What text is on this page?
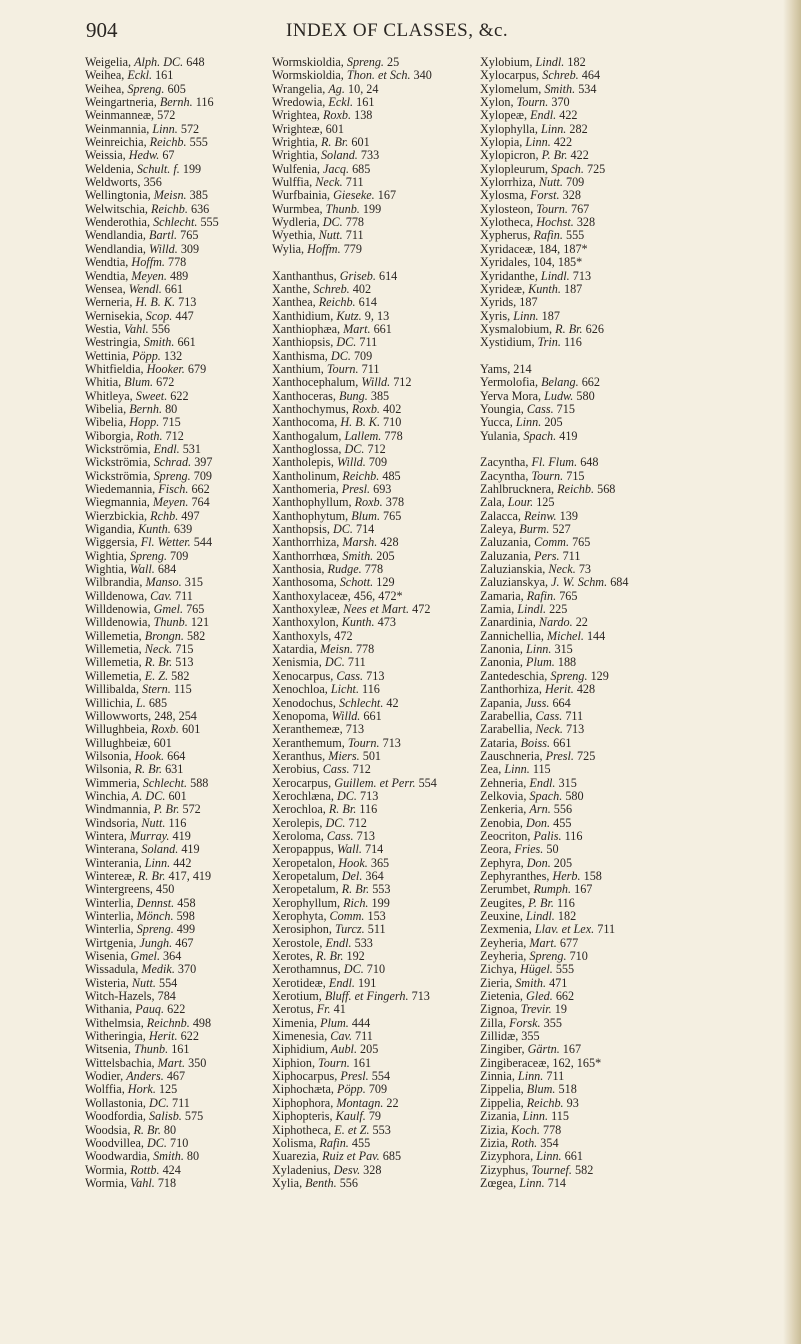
904	INDEX OF CLASSES, &c.
Weigelia, Alph. DC. 648
Weihea, Eckl. 161
Weihea, Spreng. 605
Weingartneria, Bernh. 116
Weinmanneæ, 572
Weinmannia, Linn. 572
Weinreichia, Reichb. 555
Weissia, Hedw. 67
Weldenia, Schult. f. 199
Weldworts, 356
Wellingtonia, Meisn. 385
Welwitschia, Reichb. 636
Wenderothia, Schlecht. 555
Wendlandia, Bartl. 765
Wendlandia, Willd. 309
Wendtia, Hoffm. 778
Wendtia, Meyen. 489
Wensea, Wendl. 661
Werneria, H. B. K. 713
Wernisekia, Scop. 447
Westia, Vahl. 556
Westringia, Smith. 661
Wettinia, Pöpp. 132
Whitfieldia, Hooker. 679
Whitia, Blum. 672
Whitleya, Sweet. 622
Wibelia, Bernh. 80
Wibelia, Hopp. 715
Wiborgia, Roth. 712
Wickströmia, Endl. 531
Wickströmia, Schrad. 397
Wickströmia, Spreng. 709
Wiedemannia, Fisch. 662
Wiegmannia, Meyen. 764
Wierzbickia, Rchb. 497
Wigandia, Kunth. 639
Wiggersia, Fl. Wetter. 544
Wightia, Spreng. 709
Wightia, Wall. 684
Wilbrandia, Manso. 315
Willdenowa, Cav. 711
Willdenowia, Gmel. 765
Willdenowia, Thunb. 121
Willemetia, Brongn. 582
Willemetia, Neck. 715
Willemetia, R. Br. 513
Willemetia, E. Z. 582
Willibalda, Stern. 115
Willichia, L. 685
Willowworts, 248, 254
Willughbeia, Roxb. 601
Willughbeiæ, 601
Wilsonia, Hook. 664
Wilsonia, R. Br. 631
Wimmeria, Schlecht. 588
Winchia, A. DC. 601
Windmannia, P. Br. 572
Windsoria, Nutt. 116
Wintera, Murray. 419
Winterana, Soland. 419
Winterania, Linn. 442
Wintereæ, R. Br. 417, 419
Wintergreens, 450
Winterlia, Dennst. 458
Winterlia, Mönch. 598
Winterlia, Spreng. 499
Wirtgenia, Jungh. 467
Wisenia, Gmel. 364
Wissadula, Medik. 370
Wisteria, Nutt. 554
Witch-Hazels, 784
Withania, Pauq. 622
Withelmsia, Reichnb. 498
Witheringia, Herit. 622
Witsenia, Thunb. 161
Wittelsbachia, Mart. 350
Wodier, Anders. 467
Wolffia, Hork. 125
Wollastonia, DC. 711
Woodfordia, Salisb. 575
Woodsia, R. Br. 80
Woodvillea, DC. 710
Woodwardia, Smith. 80
Wormia, Rottb. 424
Wormia, Vahl. 718
Wormskioldia, Spreng. 25
Wormskioldia, Thon. et Sch. 340
Wrangelia, Ag. 10, 24
Wredowia, Eckl. 161
Wrightea, Roxb. 138
Wrighteæ, 601
Wrightia, R. Br. 601
Wrightia, Soland. 733
Wulfenia, Jacq. 685
Wulffia, Neck. 711
Wurfbainia, Gieseke. 167
Wurmbea, Thunb. 199
Wydleria, DC. 778
Wyethia, Nutt. 711
Wylia, Hoffm. 779

Xanthanthus, Griseb. 614
Xanthe, Schreb. 402
Xanthea, Reichb. 614
Xanthidium, Kutz. 9, 13
Xanthiophæa, Mart. 661
Xanthiopsis, DC. 711
Xanthisma, DC. 709
Xanthium, Tourn. 711
Xanthocephalum, Willd. 712
Xanthoceras, Bung. 385
Xanthochymus, Roxb. 402
Xanthocoma, H. B. K. 710
Xanthogalum, Lallem. 778
Xanthoglossa, DC. 712
Xantholepis, Willd. 709
Xantholinum, Reichb. 485
Xanthomeria, Presl. 693
Xanthophyllum, Roxb. 378
Xanthophytum, Blum. 765
Xanthopsis, DC. 714
Xanthorrhiza, Marsh. 428
Xanthorrhœa, Smith. 205
Xanthosia, Rudge. 778
Xanthosoma, Schott. 129
Xanthoxylaceæ, 456, 472*
Xanthoxyleæ, Nees et Mart. 472
Xanthoxylon, Kunth. 473
Xanthoxyls, 472
Xatardia, Meisn. 778
Xenismia, DC. 711
Xenocarpus, Cass. 713
Xenochloa, Licht. 116
Xenodochus, Schlecht. 42
Xenopoma, Willd. 661
Xeranthemeæ, 713
Xeranthemum, Tourn. 713
Xeranthus, Miers. 501
Xerobius, Cass. 712
Xerocarpus, Guillem. et Perr. 554
Xerochlæna, DC. 713
Xerochloa, R. Br. 116
Xerolepis, DC. 712
Xeroloma, Cass. 713
Xeropappus, Wall. 714
Xeropetalon, Hook. 365
Xeropetalum, Del. 364
Xeropetalum, R. Br. 553
Xerophyllum, Rich. 199
Xerophyta, Comm. 153
Xerosiphon, Turcz. 511
Xerostole, Endl. 533
Xerotes, R. Br. 192
Xerothamnus, DC. 710
Xerotideæ, Endl. 191
Xerotium, Bluff. et Fingerh. 713
Xerotus, Fr. 41
Ximenia, Plum. 444
Ximenesia, Cav. 711
Xiphidium, Aubl. 205
Xiphion, Tourn. 161
Xiphocarpus, Presl. 554
Xiphochæta, Pöpp. 709
Xiphophora, Montagn. 22
Xiphopteris, Kaulf. 79
Xiphotheca, E. et Z. 553
Xolisma, Rafin. 455
Xuarezia, Ruiz et Pav. 685
Xyladenius, Desv. 328
Xylia, Benth. 556
Xylobium, Lindl. 182
Xylocarpus, Schreb. 464
Xylomelum, Smith. 534
Xylon, Tourn. 370
Xylopeæ, Endl. 422
Xylophylla, Linn. 282
Xylopia, Linn. 422
Xylopicron, P. Br. 422
Xylopleurum, Spach. 725
Xylorrhiza, Nutt. 709
Xylosma, Forst. 328
Xylosteon, Tourn. 767
Xylotheca, Hochst. 328
Xypherus, Rafin. 555
Xyridaceæ, 184, 187*
Xyridales, 104, 185*
Xyridanthe, Lindl. 713
Xyrideæ, Kunth. 187
Xyrids, 187
Xyris, Linn. 187
Xysmalobium, R. Br. 626
Xystidium, Trin. 116

Yams, 214
Yermolofia, Belang. 662
Yerva Mora, Ludw. 580
Youngia, Cass. 715
Yucca, Linn. 205
Yulania, Spach. 419

Zacyntha, Fl. Flum. 648
Zacyntha, Tourn. 715
Zahlbrucknera, Reichb. 568
Zala, Lour. 125
Zalacca, Reinw. 139
Zaleya, Burm. 527
Zaluzania, Comm. 765
Zaluzania, Pers. 711
Zaluzianskia, Neck. 73
Zaluzianskya, J. W. Schm. 684
Zamaria, Rafin. 765
Zamia, Lindl. 225
Zanardinia, Nardo. 22
Zannichellia, Michel. 144
Zanonia, Linn. 315
Zanonia, Plum. 188
Zantedeschia, Spreng. 129
Zanthorhiza, Herit. 428
Zapania, Juss. 664
Zarabellia, Cass. 711
Zarabellia, Neck. 713
Zataria, Boiss. 661
Zauschneria, Presl. 725
Zea, Linn. 115
Zehneria, Endl. 315
Zelkovia, Spach. 580
Zenkeria, Arn. 556
Zenobia, Don. 455
Zeocriton, Palis. 116
Zeora, Fries. 50
Zephyra, Don. 205
Zephyranthes, Herb. 158
Zerumbet, Rumph. 167
Zeugites, P. Br. 116
Zeuxine, Lindl. 182
Zexmenia, Llav. et Lex. 711
Zeyheria, Mart. 677
Zeyheria, Spreng. 710
Zichya, Hügel. 555
Zieria, Smith. 471
Zietenia, Gled. 662
Zignoa, Trevir. 19
Zilla, Forsk. 355
Zillidæ, 355
Zingiber, Gärtn. 167
Zingiberaceæ, 162, 165*
Zinnia, Linn. 711
Zippelia, Blum. 518
Zippelia, Reichb. 93
Zizania, Linn. 115
Zizia, Koch. 778
Zizia, Roth. 354
Zizyphora, Linn. 661
Zizyphus, Tournef. 582
Zœgea, Linn. 714
